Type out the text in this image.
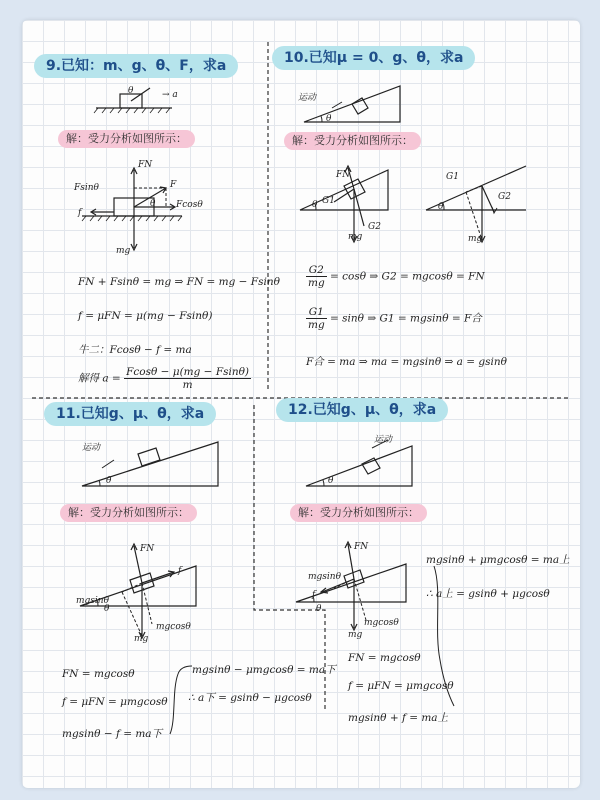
9.已知：m、g、θ、F，求a
θ	→ a
解：受力分析如图所示：
FN
Fsinθ	F
Fcosθ
θ
f
mg
FN + Fsinθ = mg ⇒ FN = mg − Fsinθ
f = μFN = μ(mg − Fsinθ)
牛二：Fcosθ − f = ma
解得 $a = \frac{Fcos\theta - \mu(mg - Fsin\theta)}{m}$
10.已知μ = 0、g、θ，求a
运动
θ
解：受力分析如图所示：
FN
G1
θ
G2
mg
G1
G2
θ
mg
$\frac{G2}{mg} = \cos\theta$ ⇒ G2 = mgcosθ = FN
$\frac{G1}{mg} = \sin\theta$ ⇒ G1 = mgsinθ = F合
F合 = ma ⇒ ma = mgsinθ ⇒ a = gsinθ
11.已知g、μ、θ，求a
运动
θ
解：受力分析如图所示：
FN
f
mgsinθ
θ
mgcosθ
mg
FN = mgcosθ
f = μFN = μmgcosθ
mgsinθ − f = ma下
mgsinθ − μmgcosθ = ma下
∴ a下 = gsinθ − μgcosθ
12.已知g、μ、θ，求a
运动
θ
解：受力分析如图所示：
FN
mgsinθ
f
θ
mgcosθ
mg
mgsinθ + μmgcosθ = ma上
∴ a上 = gsinθ + μgcosθ
FN = mgcosθ
f = μFN = μmgcosθ
mgsinθ + f = ma上
